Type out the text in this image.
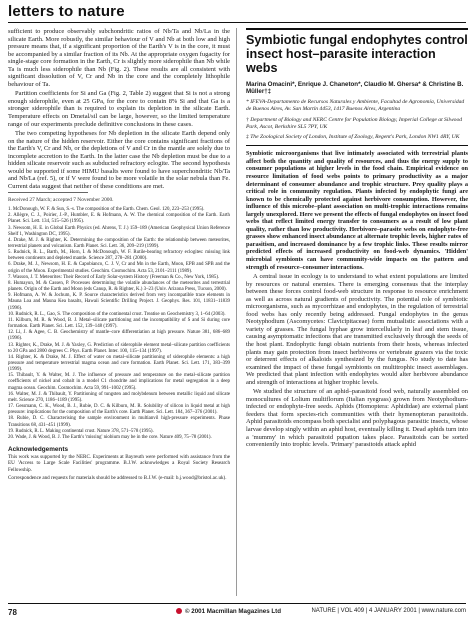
letters to nature

sufficient to produce observably subchondritic ratios of Nb/Ta and Nb/La in the silicate Earth. More robustly, the similar behaviour of V and Nb at both low and high pressure means that, if a significant proportion of the Earth's V is in the core, it must be accompanied by a similar fraction of its Nb. At the appropriate oxygen fugacity for single-stage core formation in the Earth, Cr is slightly more siderophile than Nb while Ta is much less siderophile than Nb (Fig. 2). These results are all consistent with significant dissolution of V, Cr and Nb in the core and the completely lithophile behaviour of Ta.

Partition coefficients for Si and Ga (Fig. 2, Table 2) suggest that Si is not a strong enough siderophile, even at 25 GPa, for the core to contain 8% Si and that Ga is a stronger siderophile than is required to explain its depletion in the silicate Earth. Temperature effects on Dmetal/sil can be large, however, so the limited temperature range of our experiments preclude definitive conclusions in these cases.

The two competing hypotheses for Nb depletion in the silicate Earth depend only on the nature of the hidden reservoir. Either the core contains significant fractions of the Earth's V, Cr and Nb, or the depletions of V and Cr in the mantle are solely due to incomplete accretion to the Earth. In the latter case the Nb depletion must be due to a hidden silicate reservoir such as subducted refractory eclogite. The second hypothesis would be supported if some HIMU basalts were found to have superchondritic Nb/Ta and Nb/La (ref. 5), or if V were found to be more volatile in the solar nebula than Fe. Current data suggest that neither of these conditions are met.

Received 27 March; accepted 7 November 2000.

1. McDonough, W. F. & Sun, S.-s. The composition of the Earth. Chem. Geol. 120, 223–253 (1995).
2. Allègre, C. J., Poirier, J.-P., Humbler, E. & Hofmann, A. W. The chemical composition of the Earth. Earth Planet. Sci. Lett. 134, 515–526 (1995).
3. Newsom, H. E. in Global Earth Physics (ed. Ahrens, T. J.) 159–189 (American Geophysical Union Reference Shelf 1, Washington DC, 1995).
4. Drake, M. J. & Righter, K. Determining the composition of the Earth: the relationship between meteorites, terrestrial planets and volcanism. Earth Planet. Sci. Lett. 36, 209–219 (1999).
5. Rudnick, R. L., Barth, M., Horn, I. & McDonough, W. F. Rutile-bearing refractory eclogites: missing link between continents and depleted mantle. Science 287, 278–281 (2000).
6. Drake, M. J., Newsom, H. E. & Capobianco, C. J. V, Cr and Mn in the Earth, Moon, EPB and SPB and the origin of the Moon. Experimental studies. Geochim. Cosmochim. Acta 53, 2101–2111 (1989).
7. Wasson, J. T. Meteorites: Their Record of Early Solar-system History (Freeman & Co., New York, 1985).
8. Humayun, M. & Cassen, P. Processes determining the volatile abundances of the meteorites and terrestrial planets. Origin of the Earth and Moon (eds Canup, R. & Righter, K.) 3–23 (Univ. Arizona Press, Tucson, 2000).
9. Hofmann, A. W. & Jochum, K. P. Source characteristics derived from very incompatible trace elements in Mauna Loa and Mauna Kea basalts, Hawaii Scientific Drilling Project. J. Geophys. Res. 101, 11831–11839 (1996).
10. Rudnick, R. L., Gao, S. The composition of the continental crust. Treatise on Geochemistry 3, 1–64 (2003).
11. Kilburn, M. R. & Wood, B. J. Metal–silicate partitioning and the incompatibility of S and Si during core formation. Earth Planet. Sci. Lett. 152, 139–148 (1997).
12. Li, J. & Agee, C. B. Geochemistry of mantle–core differentiation at high pressure. Nature 381, 686–689 (1996).
13. Righter, K., Drake, M. J. & Yaxley, G. Prediction of siderophile element metal–silicate partition coefficients to 20 GPa and 2800 degrees C. Phys. Earth Planet. Inter. 100, 115–134 (1997).
14. Righter, K. & Drake, M. J. Effect of water on metal–silicate partitioning of siderophile elements: a high pressure and temperature terrestrial magma ocean and core formation. Earth Planet. Sci. Lett. 171, 383–399 (1999).
15. Thibault, Y. & Walter, M. J. The influence of pressure and temperature on the metal–silicate partition coefficients of nickel and cobalt in a model C1 chondrite and implications for metal segregation in a deep magma ocean. Geochim. Cosmochim. Acta 59, 991–1002 (1995).
16. Walter, M. J. & Thibault, Y. Partitioning of tungsten and molybdenum between metallic liquid and silicate melt. Science 270, 1186–1189 (1995).
17. Gessmann, C. K., Wood, B. J., Rubie, D. C. & Kilburn, M. R. Solubility of silicon in liquid metal at high pressure: implications for the composition of the Earth's core. Earth Planet. Sci. Lett. 184, 367–376 (2001).
18. Rubie, D. C. Characterising the sample environment in multianvil high-pressure experiments. Phase Transitions 68, 431–451 (1999).
19. Rudnick, R. L. Making continental crust. Nature 378, 571–578 (1995).
20. Wade, J. & Wood, B. J. The Earth's 'missing' niobium may be in the core. Nature 409, 75–78 (2001).
Acknowledgements

This work was supported by the NERC. Experiments at Bayreuth were performed with assistance from the EU 'Access to Large Scale Facilities' programme. B.J.W. acknowledges a Royal Society Research Fellowship.

Correspondence and requests for materials should be addressed to B.J.W. (e-mail: b.j.wood@bristol.ac.uk).

Symbiotic fungal endophytes control insect host–parasite interaction webs

Marina Omacini*, Enrique J. Chaneton*, Claudio M. Ghersa* & Christine B. Müller†‡

* IFEVA-Departamento de Recursos Naturales y Ambiente, Facultad de Agronomía, Universidad de Buenos Aires, Av. San Martín 4453, 1417 Buenos Aires, Argentina

† Department of Biology and NERC Centre for Population Biology, Imperial College at Silwood Park, Ascot, Berkshire SL5 7PY, UK

‡ The Zoological Society of London, Institute of Zoology, Regent's Park, London NW1 4RY, UK

Symbiotic microorganisms that live intimately associated with terrestrial plants affect both the quantity and quality of resources, and thus the energy supply to consumer populations at higher levels in the food chain. Empirical evidence on resource limitation of food webs points to primary productivity as a major determinant of consumer abundance and trophic structure. Prey quality plays a critical role in community regulation. Plants infected by endophytic fungi are known to be chemically protected against herbivore consumption. However, the influence of this microbe–plant association on multi-trophic interactions remains largely unexplored. Here we present the effects of fungal endophytes on insect food webs that reflect limited energy transfer to consumers as a result of low plant quality, rather than low productivity. Herbivore–parasite webs on endophyte-free grasses show enhanced insect abundance at alternate trophic levels, higher rates of parasitism, and increased dominance by a few trophic links. These results mirror predicted effects of increased productivity on food-web dynamics. 'Hidden' microbial symbionts can have community-wide impacts on the pattern and strength of resource–consumer interactions.

A central issue in ecology is to understand to what extent populations are limited by resources or natural enemies. There is emerging consensus that the interplay between these forces control food-web structure in response to resource enrichment as well as across natural gradients of productivity. The potential role of symbiotic microorganisms, such as mycorrhizae and endophytes, in the regulation of terrestrial food webs has only recently being addressed. Fungal endophytes in the genus Neotyphodium (Ascomycetes: Clavicipitaceae) form mutualistic associations with a variety of grasses. The fungal hyphae grow intercellularly in leaf and stem tissue, causing asymptomatic infections that are transmitted exclusively through the seeds of the host plant. Endophytic fungi obtain nutrients from their hosts, whereas infected plants may gain protection from insect herbivores or vertebrate grazers via the toxic or deterrent effects of alkaloids synthesized by the fungus. No study to date has examined the impact of these fungal symbionts on multitrophic insect assemblages. We predicted that plant infection with endophytes would alter herbivore abundance and strength of interactions at higher trophic levels.

We studied the structure of an aphid–parasitoid food web, naturally assembled on monocultures of Lolium multiflorum (Italian ryegrass) grown from Neotyphodium-infected or endophyte-free seeds. Aphids (Homoptera: Aphididae) are external plant feeders that form species-rich communities with their hymenopteran parasitoids. Aphid parasitoids encompass both specialist and polyphagous parasitic insects, whose larvae develop singly within an aphid host, eventually killing it. Dead aphids turn into a 'mummy' in which parasitoid pupation takes place. Parasitoids can be sorted conveniently into trophic levels. 'Primary' parasitoids attack aphid

78	© 2001 Macmillan Magazines Ltd	NATURE | VOL 409 | 4 JANUARY 2001 | www.nature.com
